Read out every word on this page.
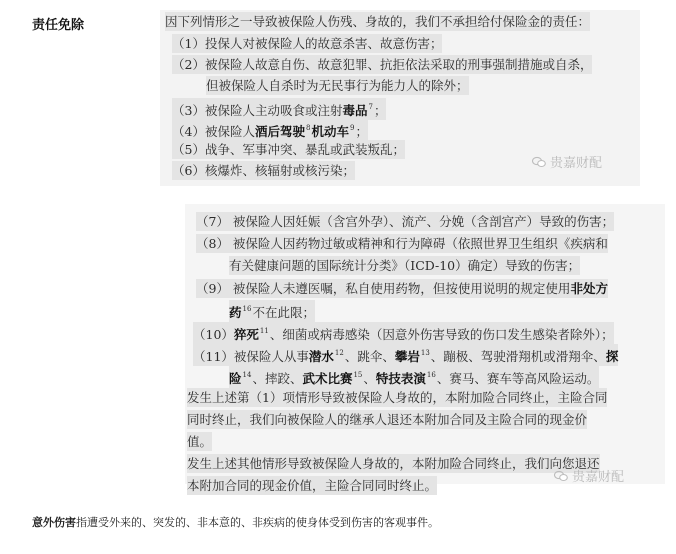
责任免除	因下列情形之一导致被保险人伤残、身故的，我们不承担给付保险金的责任：
（1）投保人对被保险人的故意杀害、故意伤害；
（2）被保险人故意自伤、故意犯罪、抗拒依法采取的刑事强制措施或自杀，
但被保险人自杀时为无民事行为能力人的除外；
（3）被保险人主动吸食或注射毒品$^7$；
（4）被保险人酒后驾驶$^8$机动车$^9$；
（5）战争、军事冲突、暴乱或武装叛乱；
（6）核爆炸、核辐射或核污染；	贵嘉财配
（7） 被保险人因妊娠（含宫外孕）、流产、分娩（含剖宫产）导致的伤害；
（8） 被保险人因药物过敏或精神和行为障碍（依照世界卫生组织《疾病和
有关健康问题的国际统计分类》（ICD-10）确定）导致的伤害；
（9） 被保险人未遵医嘱，私自使用药物，但按使用说明的规定使用非处方
药$^{16}$不在此限；
（10）猝死$^{11}$、细菌或病毒感染（因意外伤害导致的伤口发生感染者除外）；
（11）被保险人从事潜水$^{12}$、跳伞、攀岩$^{13}$、蹦极、驾驶滑翔机或滑翔伞、探
险$^{14}$、摔跤、武术比赛$^{15}$、特技表演$^{16}$、赛马、赛车等高风险运动。
发生上述第（1）项情形导致被保险人身故的，本附加险合同终止，主险合同
同时终止，我们向被保险人的继承人退还本附加合同及主险合同的现金价
值。
发生上述其他情形导致被保险人身故的，本附加险合同终止，我们向您退还
本附加合同的现金价值，主险合同同时终止。
贵嘉财配
意外伤害指遭受外来的、突发的、非本意的、非疾病的使身体受到伤害的客观事件。
